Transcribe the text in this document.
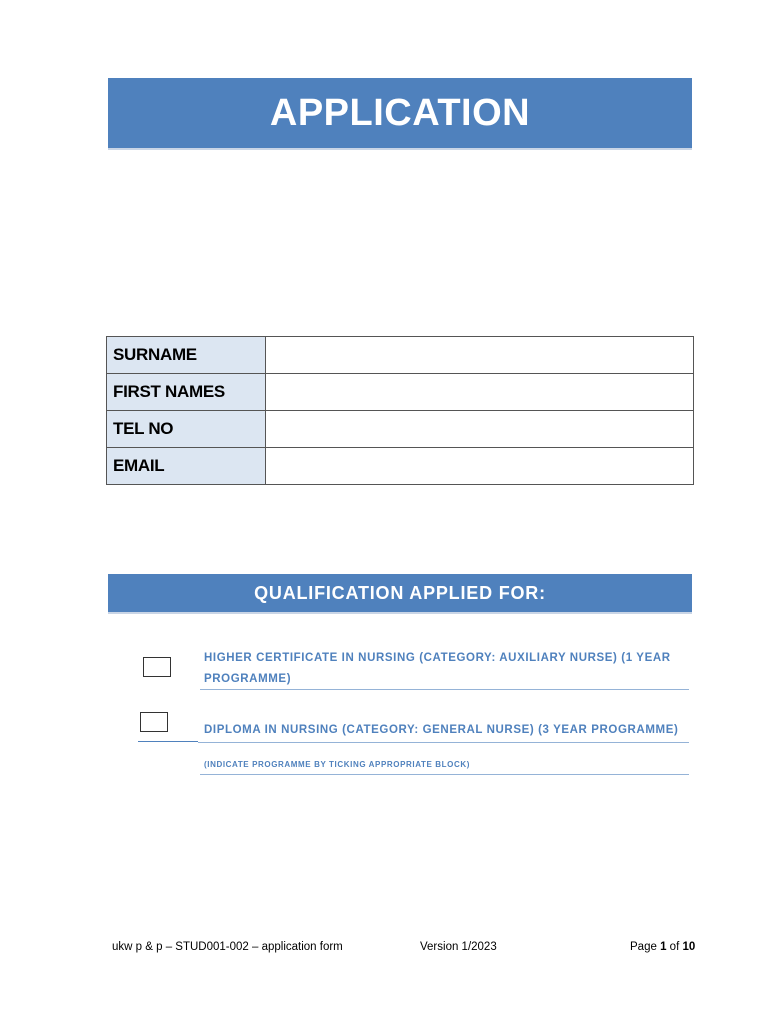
APPLICATION
SURNAME	
FIRST NAMES	
TEL NO	
EMAIL	
QUALIFICATION APPLIED FOR:
HIGHER CERTIFICATE IN NURSING (CATEGORY: AUXILIARY NURSE) (1 YEAR PROGRAMME)
DIPLOMA IN NURSING (CATEGORY: GENERAL NURSE) (3 YEAR PROGRAMME)
(INDICATE PROGRAMME BY TICKING APPROPRIATE BLOCK)
ukw p & p – STUD001-002 – application form	Version 1/2023	Page 1 of 10
